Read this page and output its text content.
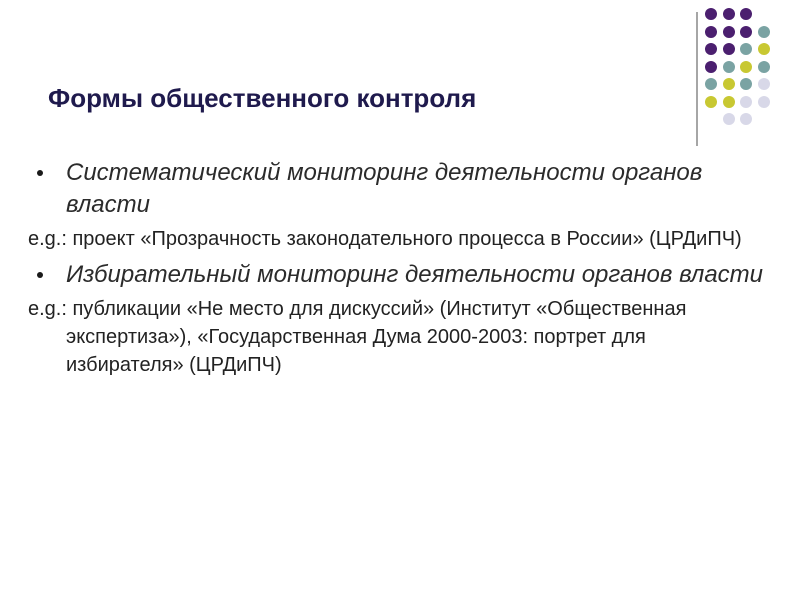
Формы общественного контроля
Систематический мониторинг деятельности органов власти
e.g.: проект «Прозрачность законодательного процесса в России» (ЦРДиПЧ)
Избирательный мониторинг деятельности органов власти
e.g.: публикации «Не место для дискуссий» (Институт «Общественная экспертиза»), «Государственная Дума 2000-2003: портрет для избирателя» (ЦРДиПЧ)
